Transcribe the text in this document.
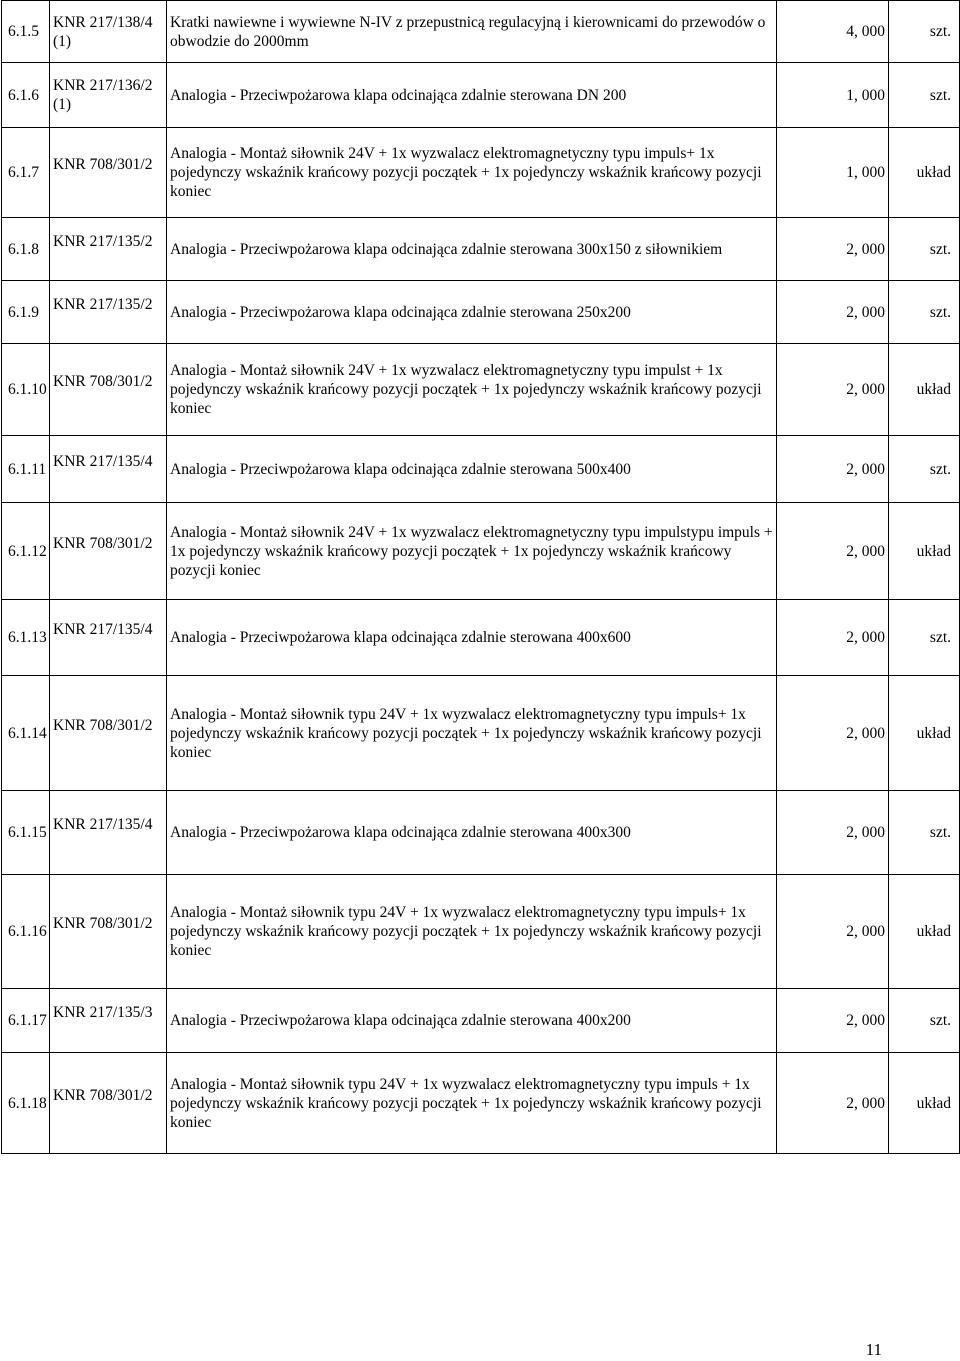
6.1.5	KNR 217/138/4 (1)	Kratki nawiewne i wywiewne N-IV z przepustnicą regulacyjną i kierownicami do przewodów o obwodzie do 2000mm	4, 000	szt.
6.1.6	KNR 217/136/2 (1)	Analogia - Przeciwpożarowa klapa odcinająca zdalnie sterowana DN 200	1, 000	szt.
6.1.7	KNR 708/301/2	Analogia - Montaż siłownik 24V + 1x wyzwalacz elektromagnetyczny typu impuls+ 1x pojedynczy wskaźnik krańcowy pozycji początek + 1x pojedynczy wskaźnik krańcowy pozycji koniec	1, 000	układ
6.1.8	KNR 217/135/2	Analogia - Przeciwpożarowa klapa odcinająca zdalnie sterowana 300x150 z siłownikiem	2, 000	szt.
6.1.9	KNR 217/135/2	Analogia - Przeciwpożarowa klapa odcinająca zdalnie sterowana 250x200	2, 000	szt.
6.1.10	KNR 708/301/2	Analogia - Montaż siłownik 24V + 1x wyzwalacz elektromagnetyczny typu impulst + 1x pojedynczy wskaźnik krańcowy pozycji początek + 1x pojedynczy wskaźnik krańcowy pozycji koniec	2, 000	układ
6.1.11	KNR 217/135/4	Analogia - Przeciwpożarowa klapa odcinająca zdalnie sterowana 500x400	2, 000	szt.
6.1.12	KNR 708/301/2	Analogia - Montaż siłownik 24V + 1x wyzwalacz elektromagnetyczny typu impulstypu impuls + 1x pojedynczy wskaźnik krańcowy pozycji początek + 1x pojedynczy wskaźnik krańcowy pozycji koniec	2, 000	układ
6.1.13	KNR 217/135/4	Analogia - Przeciwpożarowa klapa odcinająca zdalnie sterowana 400x600	2, 000	szt.
6.1.14	KNR 708/301/2	Analogia - Montaż siłownik typu 24V + 1x wyzwalacz elektromagnetyczny typu impuls+ 1x pojedynczy wskaźnik krańcowy pozycji początek + 1x pojedynczy wskaźnik krańcowy pozycji koniec	2, 000	układ
6.1.15	KNR 217/135/4	Analogia - Przeciwpożarowa klapa odcinająca zdalnie sterowana 400x300	2, 000	szt.
6.1.16	KNR 708/301/2	Analogia - Montaż siłownik typu 24V + 1x wyzwalacz elektromagnetyczny typu impuls+ 1x pojedynczy wskaźnik krańcowy pozycji początek + 1x pojedynczy wskaźnik krańcowy pozycji koniec	2, 000	układ
6.1.17	KNR 217/135/3	Analogia - Przeciwpożarowa klapa odcinająca zdalnie sterowana 400x200	2, 000	szt.
6.1.18	KNR 708/301/2	Analogia - Montaż siłownik typu 24V + 1x wyzwalacz elektromagnetyczny typu impuls + 1x pojedynczy wskaźnik krańcowy pozycji początek + 1x pojedynczy wskaźnik krańcowy pozycji koniec	2, 000	układ
11
